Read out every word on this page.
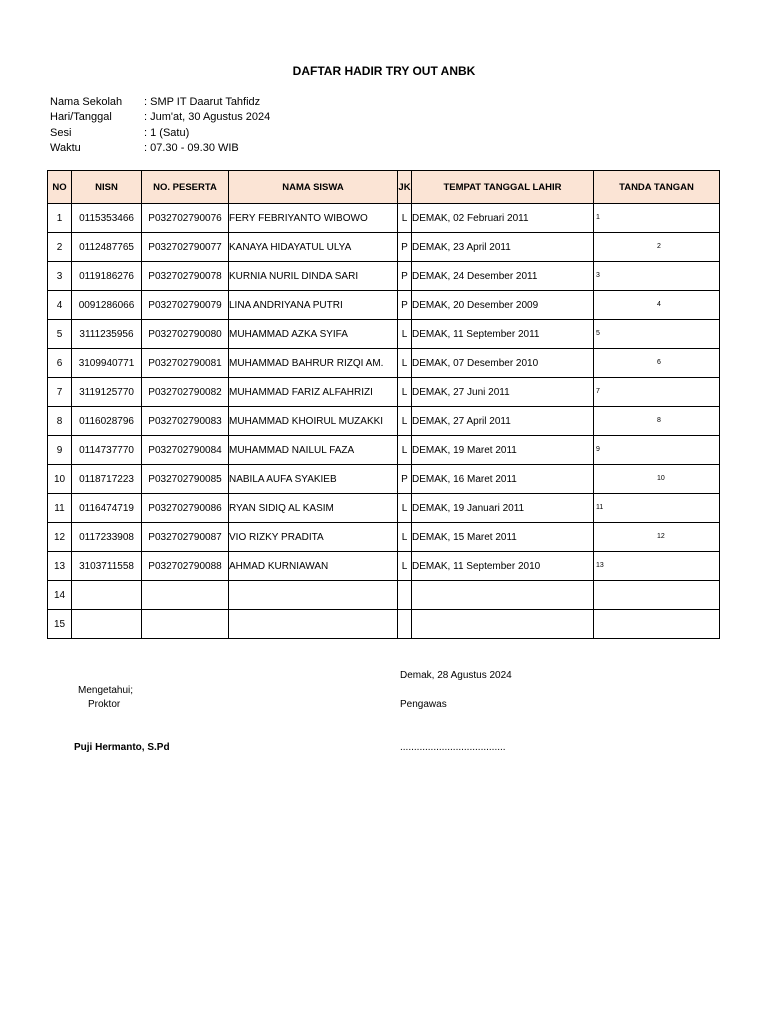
DAFTAR HADIR TRY OUT ANBK
Nama Sekolah : SMP IT Daarut Tahfidz
Hari/Tanggal	: Jum'at, 30 Agustus 2024
Sesi	: 1 (Satu)
Waktu	: 07.30 - 09.30 WIB
NO	NISN	NO. PESERTA	NAMA SISWA	JK	TEMPAT TANGGAL LAHIR	TANDA TANGAN
1	0115353466	P032702790076	FERY FEBRIYANTO WIBOWO	L	DEMAK, 02 Februari 2011	1

2	0112487765	P032702790077	KANAYA HIDAYATUL ULYA	P	DEMAK, 23 April 2011	2

3	0119186276	P032702790078	KURNIA NURIL DINDA SARI	P	DEMAK, 24 Desember 2011	3

4	0091286066	P032702790079	LINA ANDRIYANA PUTRI	P	DEMAK, 20 Desember 2009	4

5	3111235956	P032702790080	MUHAMMAD AZKA SYIFA	L	DEMAK, 11 September 2011	5

6	3109940771	P032702790081	MUHAMMAD BAHRUR RIZQI AM.	L	DEMAK, 07 Desember 2010	6

7	3119125770	P032702790082	MUHAMMAD FARIZ ALFAHRIZI	L	DEMAK, 27 Juni 2011	7

8	0116028796	P032702790083	MUHAMMAD KHOIRUL MUZAKKI	L	DEMAK, 27 April 2011	8

9	0114737770	P032702790084	MUHAMMAD NAILUL FAZA	L	DEMAK, 19 Maret 2011	9

10	0118717223	P032702790085	NABILA AUFA SYAKIEB	P	DEMAK, 16 Maret 2011	10

11	0116474719	P032702790086	RYAN SIDIQ AL KASIM	L	DEMAK, 19 Januari 2011	11

12	0117233908	P032702790087	VIO RIZKY PRADITA	L	DEMAK, 15 Maret 2011	12

13	3103711558	P032702790088	AHMAD KURNIAWAN	L	DEMAK, 11 September 2010	13

14						

15						
Demak, 28 Agustus 2024
Mengetahui;
Proktor	Pengawas
Puji Hermanto, S.Pd	......................................
